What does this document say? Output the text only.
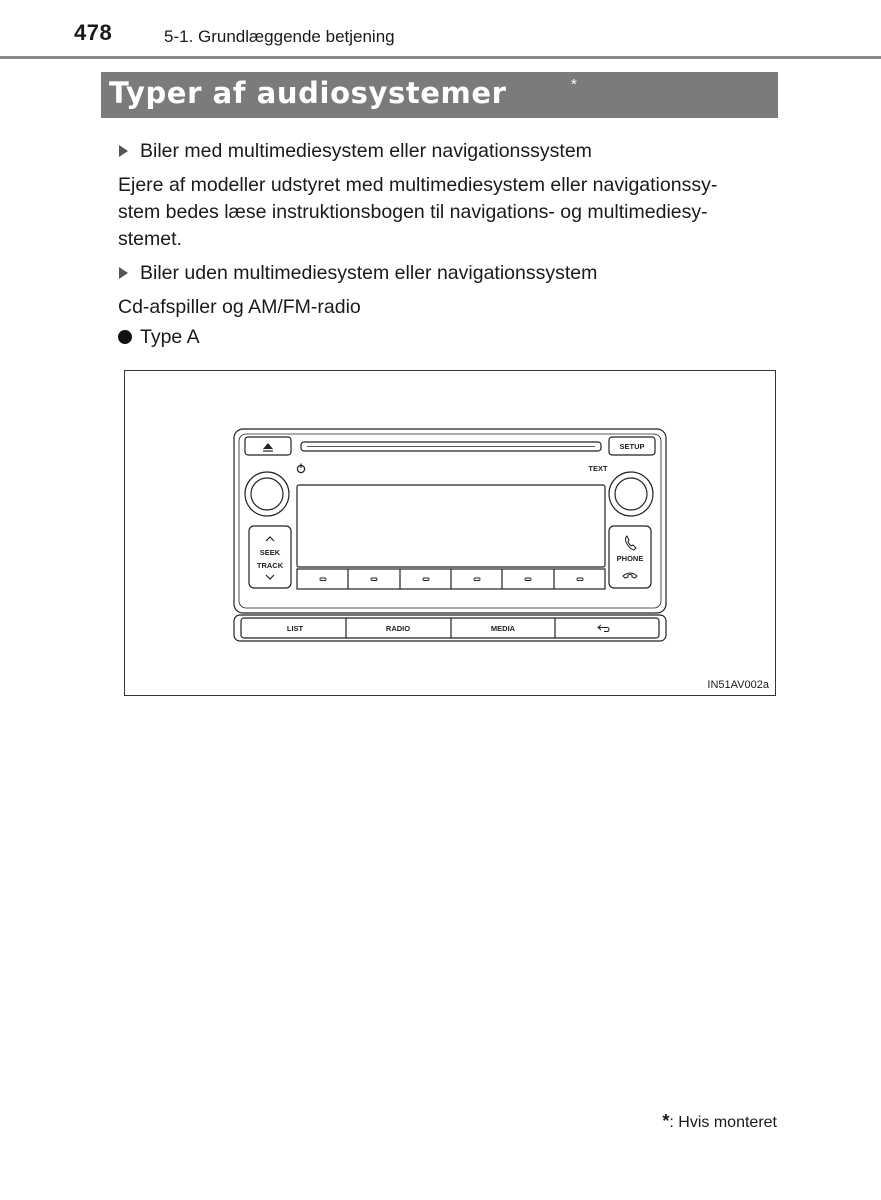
478	5-1. Grundlæggende betjening
Typer af audiosystemer	*
Biler med multimediesystem eller navigationssystem
Ejere af modeller udstyret med multimediesystem eller navigationssy-
stem bedes læse instruktionsbogen til navigations- og multimediesy-
stemet.
Biler uden multimediesystem eller navigationssystem
Cd-afspiller og AM/FM-radio
Type A
SETUP
TEXT
SEEK
TRACK
PHONE
LIST	RADIO	MEDIA
IN51AV002a
*: Hvis monteret
